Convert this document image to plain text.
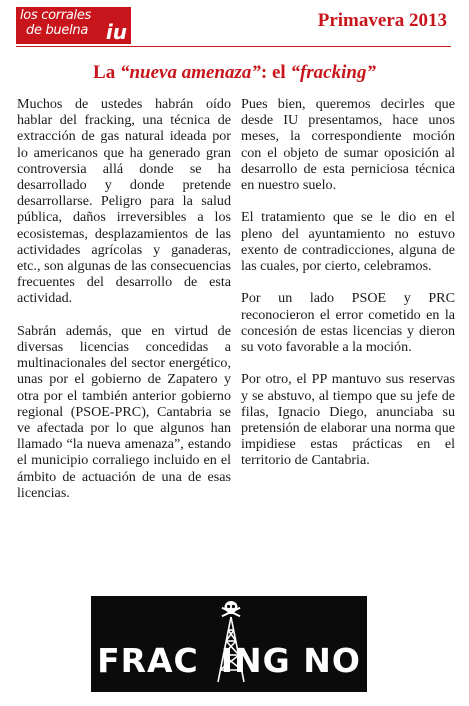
los corrales
de buelna iu	Primavera 2013
La “nueva amenaza”: el “fracking”

Muchos de ustedes habrán oído hablar del fracking, una técnica de extracción de gas natural ideada por lo americanos que ha generado gran controversia allá donde se ha desarrollado y donde pretende desarrollarse. Peligro para la salud pública, daños irreversibles a los ecosistemas, desplazamientos de las actividades agrícolas y ganaderas, etc., son algunas de las consecuencias frecuentes del desarrollo de esta actividad.

Sabrán además, que en virtud de diversas licencias concedidas a multinacionales del sector energético, unas por el gobierno de Zapatero y otra por el también anterior gobierno regional (PSOE-PRC), Cantabria se ve afectada por lo que algunos han llamado “la nueva amenaza”, estando el municipio corraliego incluido en el ámbito de actuación de una de esas licencias.

Pues bien, queremos decirles que desde IU presentamos, hace unos meses, la correspondiente moción con el objeto de sumar oposición al desarrollo de esta perniciosa técnica en nuestro suelo.

El tratamiento que se le dio en el pleno del ayuntamiento no estuvo exento de contradicciones, alguna de las cuales, por cierto, celebramos.

Por un lado PSOE y PRC reconocieron el error cometido en la concesión de estas licencias y dieron su voto favorable a la moción.

Por otro, el PP mantuvo sus reservas y se abstuvo, al tiempo que su jefe de filas, Ignacio Diego, anunciaba su pretensión de elaborar una norma que impidiese estas prácticas en el territorio de Cantabria.

FRAC ING NO
